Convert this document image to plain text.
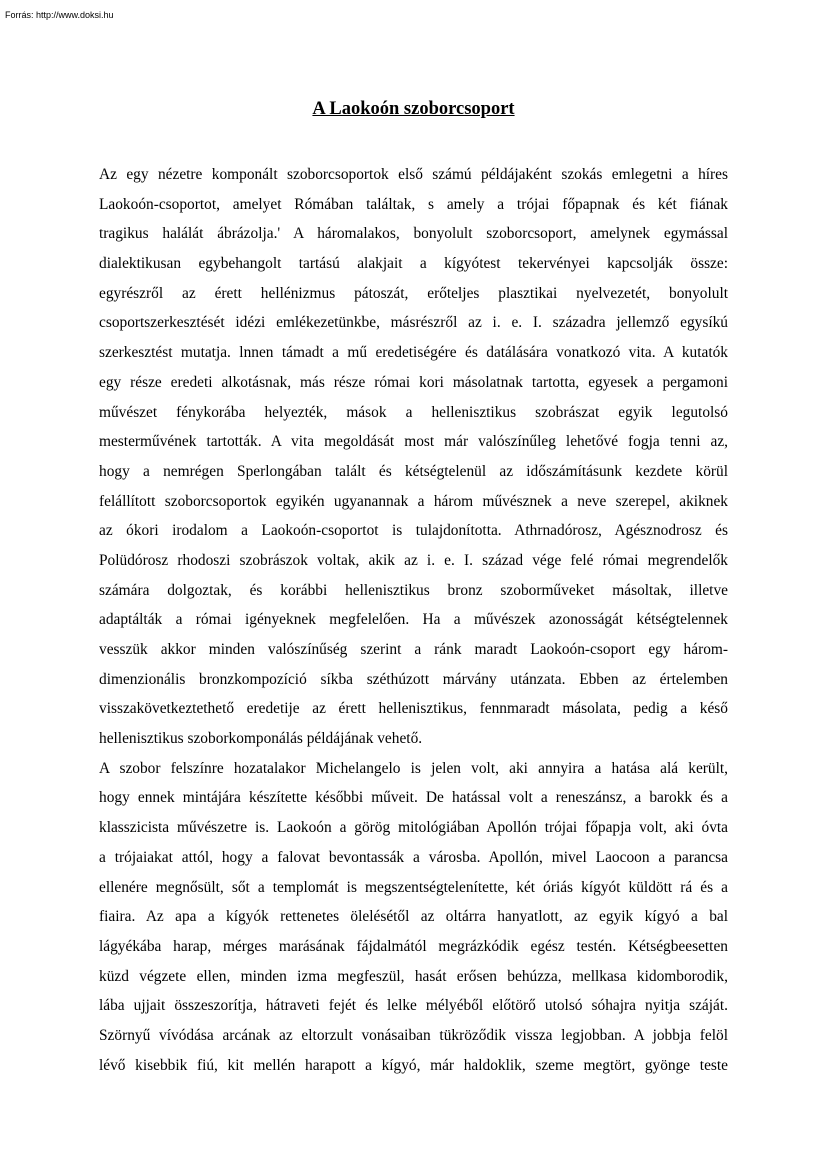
Forrás: http://www.doksi.hu
A Laokoón szoborcsoport
Az egy nézetre komponált szoborcsoportok első számú példájaként szokás emlegetni a híres
Laokoón-csoportot, amelyet Rómában találtak, s amely a trójai főpapnak és két fiának
tragikus halálát ábrázolja.' A háromalakos, bonyolult szoborcsoport, amelynek egymással
dialektikusan egybehangolt tartású alakjait a kígyótest tekervényei kapcsolják össze:
egyrészről az érett hellénizmus pátoszát, erőteljes plasztikai nyelvezetét, bonyolult
csoportszerkesztését idézi emlékezetünkbe, másrészről az i. e. I. századra jellemző egysíkú
szerkesztést mutatja. lnnen támadt a mű eredetiségére és datálására vonatkozó vita. A kutatók
egy része eredeti alkotásnak, más része római kori másolatnak tartotta, egyesek a pergamoni
művészet fénykorába helyezték, mások a hellenisztikus szobrászat egyik legutolsó
mesterművének tartották. A vita megoldását most már valószínűleg lehetővé fogja tenni az,
hogy a nemrégen Sperlongában talált és kétségtelenül az időszámításunk kezdete körül
felállított szoborcsoportok egyikén ugyanannak a három művésznek a neve szerepel, akiknek
az ókori irodalom a Laokoón-csoportot is tulajdonította. Athrnadórosz, Agésznodrosz és
Polüdórosz rhodoszi szobrászok voltak, akik az i. e. I. század vége felé római megrendelők
számára dolgoztak, és korábbi hellenisztikus bronz szoborműveket másoltak, illetve
adaptálták a római igényeknek megfelelően. Ha a művészek azonosságát kétségtelennek
vesszük akkor minden valószínűség szerint a ránk maradt Laokoón-csoport egy három-
dimenzionális bronzkompozíció síkba széthúzott márvány utánzata. Ebben az értelemben
visszakövetkeztethető eredetije az érett hellenisztikus, fennmaradt másolata, pedig a késő
hellenisztikus szoborkomponálás példájának vehető.
A szobor felszínre hozatalakor Michelangelo is jelen volt, aki annyira a hatása alá került,
hogy ennek mintájára készítette későbbi műveit. De hatással volt a reneszánsz, a barokk és a
klasszicista művészetre is. Laokoón a görög mitológiában Apollón trójai főpapja volt, aki óvta
a trójaiakat attól, hogy a falovat bevontassák a városba. Apollón, mivel Laocoon a parancsa
ellenére megnősült, sőt a templomát is megszentségtelenítette, két óriás kígyót küldött rá és a
fiaira. Az apa a kígyók rettenetes ölelésétől az oltárra hanyatlott, az egyik kígyó a bal
lágyékába harap, mérges marásának fájdalmától megrázkódik egész testén. Kétségbeesetten
küzd végzete ellen, minden izma megfeszül, hasát erősen behúzza, mellkasa kidomborodik,
lába ujjait összeszorítja, hátraveti fejét és lelke mélyéből előtörő utolsó sóhajra nyitja száját.
Szörnyű vívódása arcának az eltorzult vonásaiban tükröződik vissza legjobban. A jobbja felöl
lévő kisebbik fiú, kit mellén harapott a kígyó, már haldoklik, szeme megtört, gyönge teste
